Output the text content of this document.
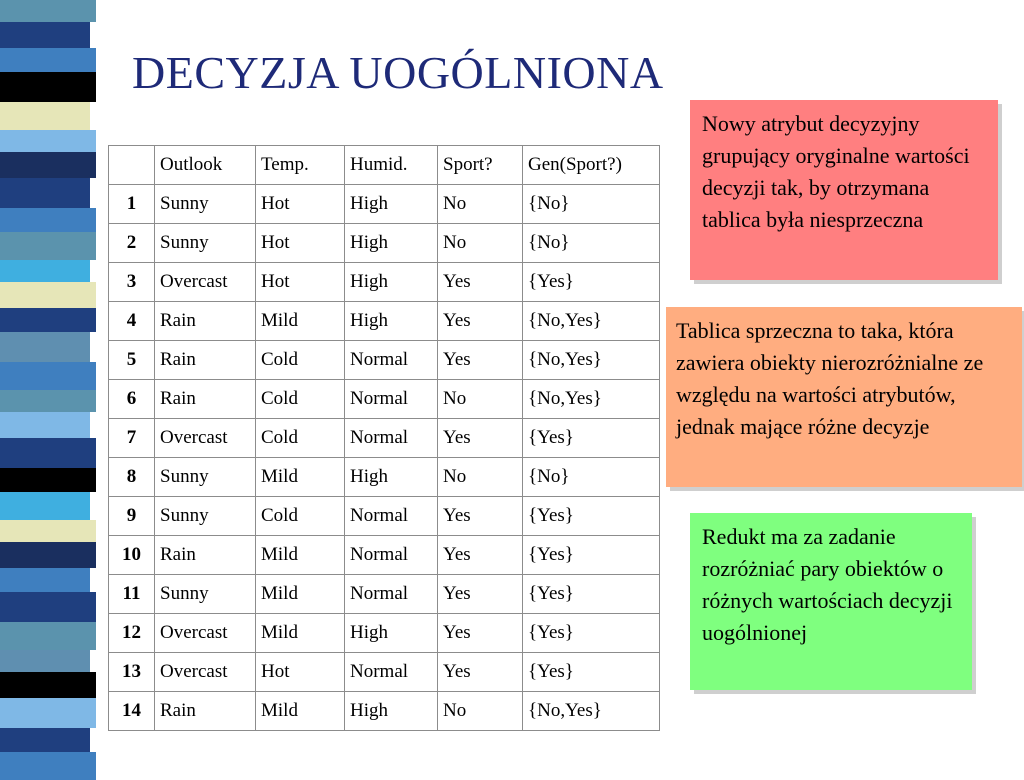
DECYZJA UOGÓLNIONA
	Outlook	Temp.	Humid.	Sport?	Gen(Sport?)
1	Sunny	Hot	High	No	{No}
2	Sunny	Hot	High	No	{No}
3	Overcast	Hot	High	Yes	{Yes}
4	Rain	Mild	High	Yes	{No,Yes}
5	Rain	Cold	Normal	Yes	{No,Yes}
6	Rain	Cold	Normal	No	{No,Yes}
7	Overcast	Cold	Normal	Yes	{Yes}
8	Sunny	Mild	High	No	{No}
9	Sunny	Cold	Normal	Yes	{Yes}
10	Rain	Mild	Normal	Yes	{Yes}
11	Sunny	Mild	Normal	Yes	{Yes}
12	Overcast	Mild	High	Yes	{Yes}
13	Overcast	Hot	Normal	Yes	{Yes}
14	Rain	Mild	High	No	{No,Yes}
Nowy atrybut decyzyjny grupujący oryginalne wartości decyzji tak, by otrzymana tablica była niesprzeczna
Tablica sprzeczna to taka, która zawiera obiekty nierozróżnialne ze względu na wartości atrybutów, jednak mające różne decyzje
Redukt ma za zadanie rozróżniać pary obiektów o różnych wartościach decyzji uogólnionej
